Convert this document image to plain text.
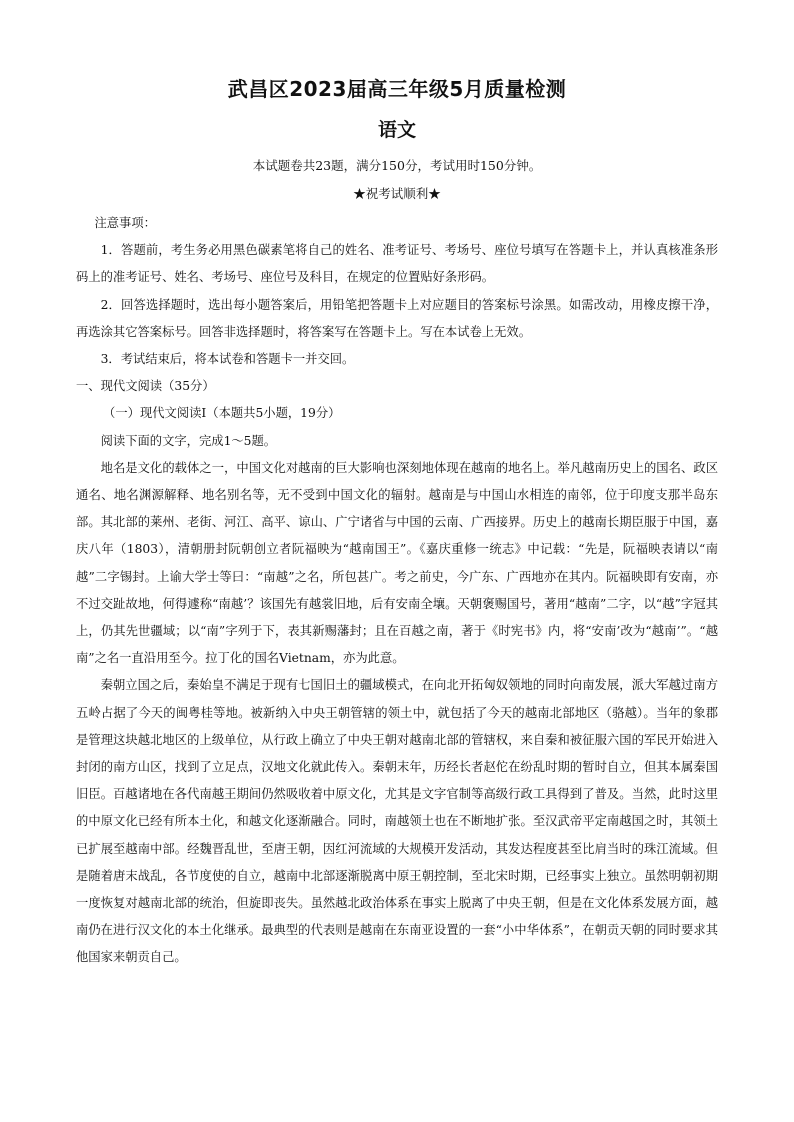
武昌区2023届高三年级5月质量检测
语文
本试题卷共23题，满分150分，考试用时150分钟。
★祝考试顺利★

注意事项：

1．答题前，考生务必用黑色碳素笔将自己的姓名、准考证号、考场号、座位号填写在答题卡上，并认真核准条形码上的准考证号、姓名、考场号、座位号及科目，在规定的位置贴好条形码。

2．回答选择题时，选出每小题答案后，用铅笔把答题卡上对应题目的答案标号涂黑。如需改动，用橡皮擦干净，再选涂其它答案标号。回答非选择题时，将答案写在答题卡上。写在本试卷上无效。

3．考试结束后，将本试卷和答题卡一并交回。

一、现代文阅读（35分）

（一）现代文阅读I（本题共5小题，19分）

阅读下面的文字，完成1～5题。

地名是文化的载体之一，中国文化对越南的巨大影响也深刻地体现在越南的地名上。举凡越南历史上的国名、政区通名、地名渊源解释、地名别名等，无不受到中国文化的辐射。越南是与中国山水相连的南邻，位于印度支那半岛东部。其北部的莱州、老街、河江、高平、谅山、广宁诸省与中国的云南、广西接界。历史上的越南长期臣服于中国，嘉庆八年（1803），清朝册封阮朝创立者阮福映为“越南国王”。《嘉庆重修一统志》中记载：“先是，阮福映表请以“南越”二字锡封。上谕大学士等曰：“南越”之名，所包甚广。考之前史，今广东、广西地亦在其内。阮福映即有安南，亦不过交趾故地，何得遽称“南越’？该国先有越裳旧地，后有安南全壤。天朝褒赐国号，著用“越南”二字，以“越”字冠其上，仍其先世疆域；以“南”字列于下，表其新赐藩封；且在百越之南，著于《时宪书》内，将“安南’改为“越南’”。“越南”之名一直沿用至今。拉丁化的国名Vietnam，亦为此意。

秦朝立国之后，秦始皇不满足于现有七国旧土的疆域模式，在向北开拓匈奴领地的同时向南发展，派大军越过南方五岭占据了今天的闽粤桂等地。被新纳入中央王朝管辖的领土中，就包括了今天的越南北部地区（骆越）。当年的象郡是管理这块越北地区的上级单位，从行政上确立了中央王朝对越南北部的管辖权，来自秦和被征服六国的军民开始进入封闭的南方山区，找到了立足点，汉地文化就此传入。秦朝末年，历经长者赵佗在纷乱时期的暂时自立，但其本属秦国旧臣。百越诸地在各代南越王期间仍然吸收着中原文化，尤其是文字官制等高级行政工具得到了普及。当然，此时这里的中原文化已经有所本土化，和越文化逐渐融合。同时，南越领土也在不断地扩张。至汉武帝平定南越国之时，其领土已扩展至越南中部。经魏晋乱世，至唐王朝，因红河流域的大规模开发活动，其发达程度甚至比肩当时的珠江流域。但是随着唐末战乱，各节度使的自立，越南中北部逐渐脱离中原王朝控制，至北宋时期，已经事实上独立。虽然明朝初期一度恢复对越南北部的统治，但旋即丧失。虽然越北政治体系在事实上脱离了中央王朝，但是在文化体系发展方面，越南仍在进行汉文化的本土化继承。最典型的代表则是越南在东南亚设置的一套“小中华体系”，在朝贡天朝的同时要求其他国家来朝贡自己。
